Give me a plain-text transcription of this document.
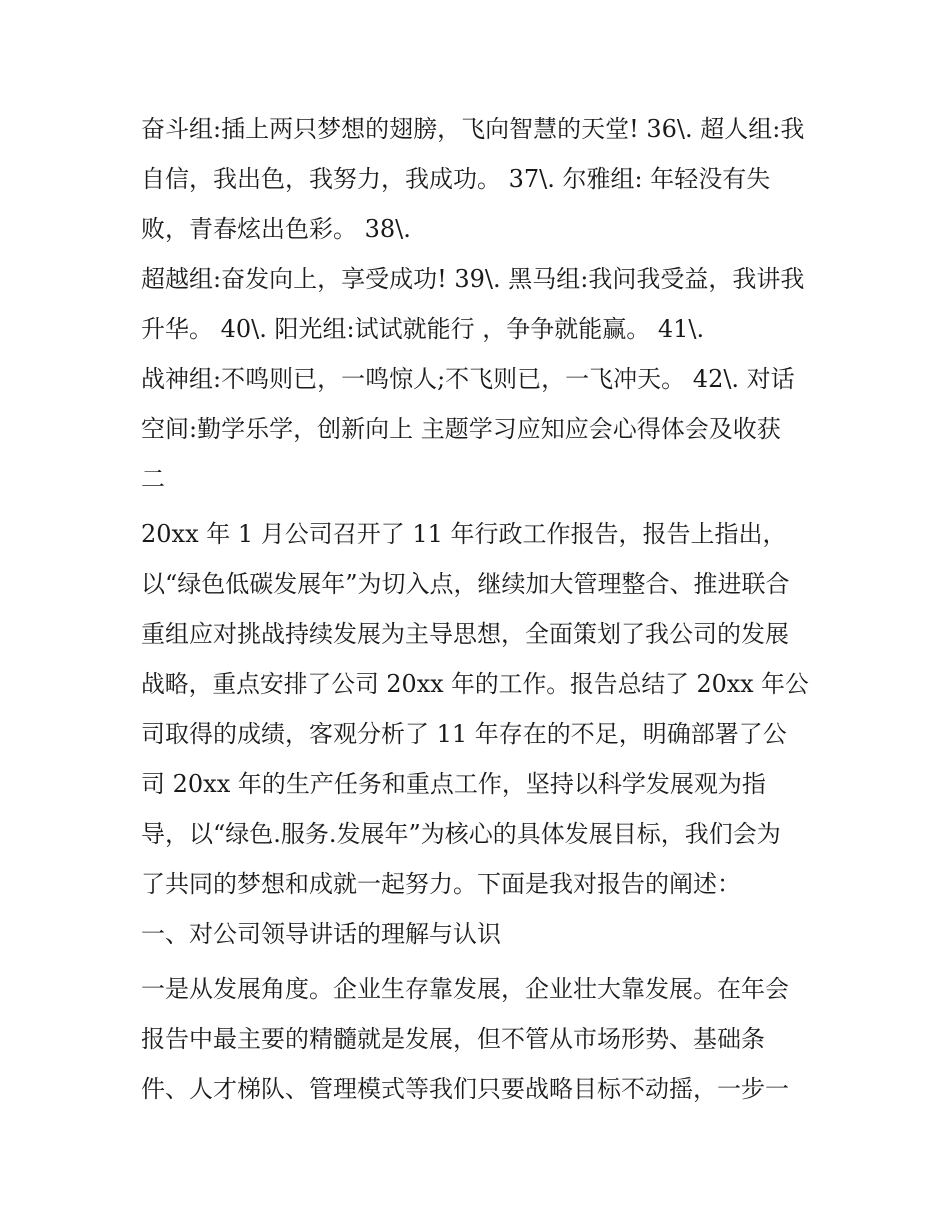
奋斗组:插上两只梦想的翅膀，飞向智慧的天堂! 36\. 超人组:我
自信，我出色，我努力，我成功。 37\. 尔雅组: 年轻没有失
败，青春炫出色彩。 38\.
超越组:奋发向上，享受成功! 39\. 黑马组:我问我受益，我讲我
升华。 40\. 阳光组:试试就能行 ，争争就能赢。 41\.
战神组:不鸣则已，一鸣惊人;不飞则已，一飞冲天。 42\. 对话
空间:勤学乐学，创新向上 主题学习应知应会心得体会及收获
二
20xx 年 1 月公司召开了 11 年行政工作报告，报告上指出，
以“绿色低碳发展年”为切入点，继续加大管理整合、推进联合
重组应对挑战持续发展为主导思想，全面策划了我公司的发展
战略，重点安排了公司 20xx 年的工作。报告总结了 20xx 年公
司取得的成绩，客观分析了 11 年存在的不足，明确部署了公
司 20xx 年的生产任务和重点工作，坚持以科学发展观为指
导，以“绿色.服务.发展年”为核心的具体发展目标，我们会为
了共同的梦想和成就一起努力。下面是我对报告的阐述：
一、对公司领导讲话的理解与认识
一是从发展角度。企业生存靠发展，企业壮大靠发展。在年会
报告中最主要的精髓就是发展，但不管从市场形势、基础条
件、人才梯队、管理模式等我们只要战略目标不动摇，一步一
